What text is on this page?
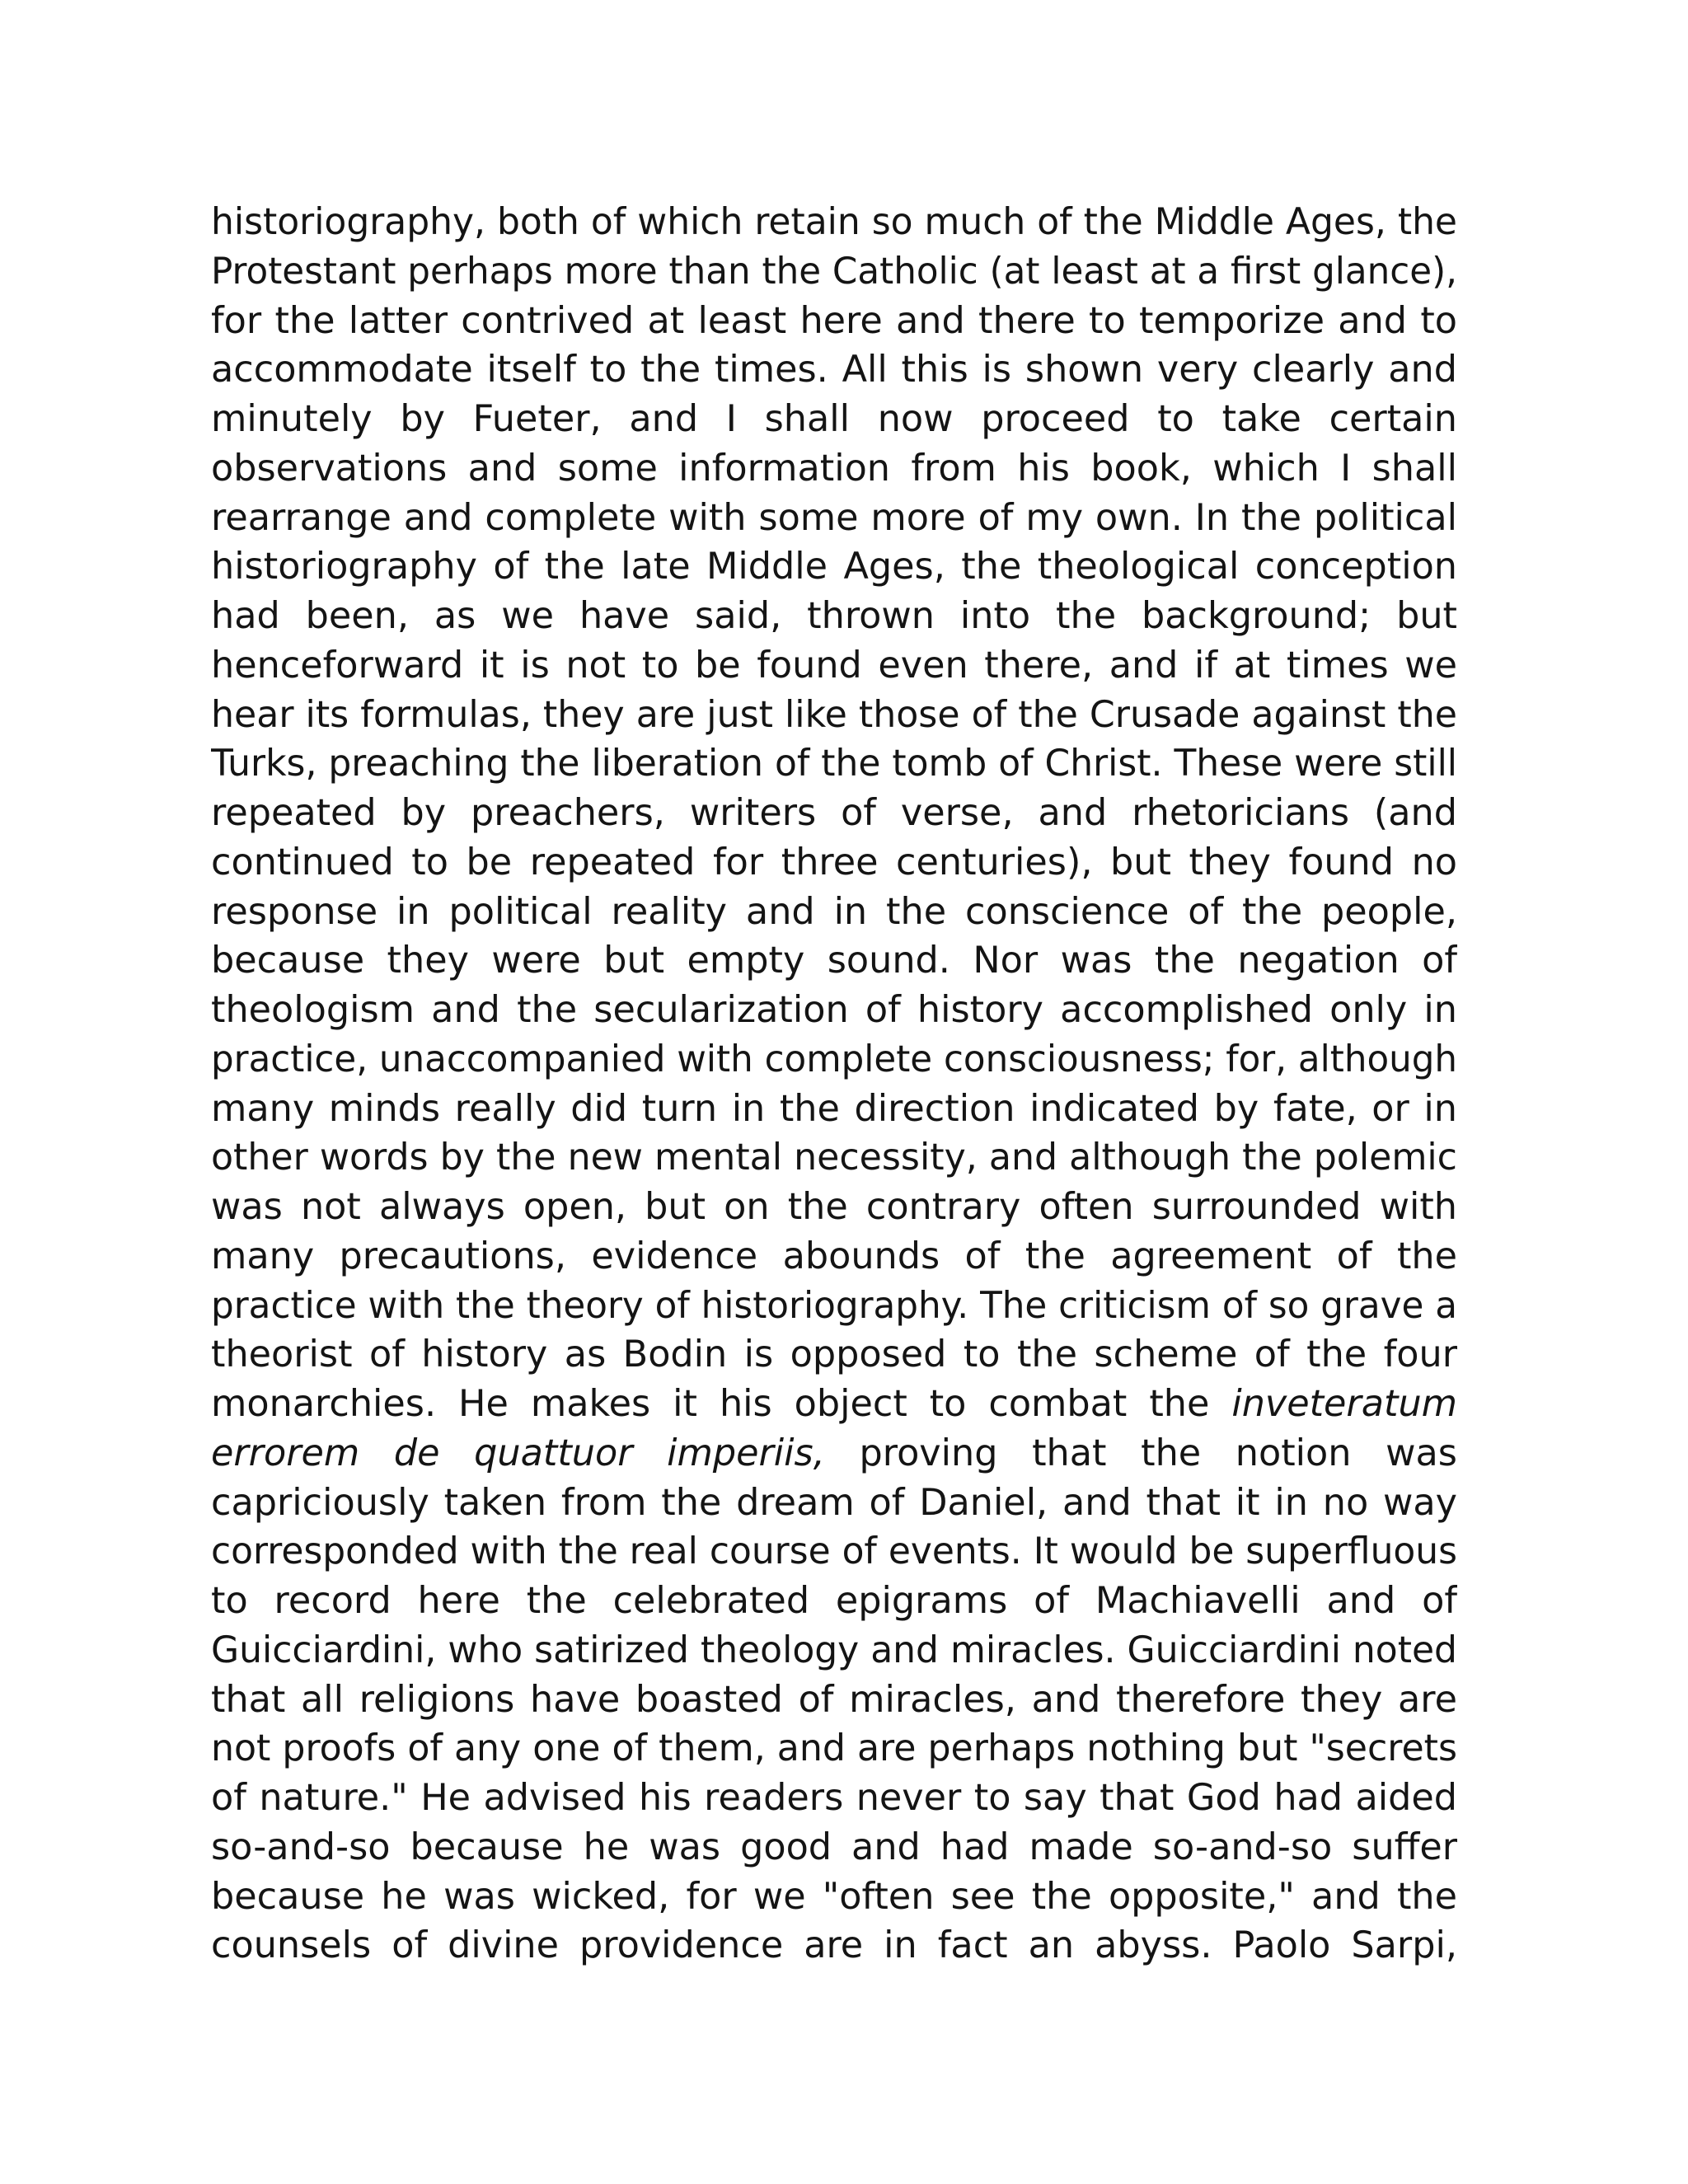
historiography, both of which retain so much of the Middle Ages, the
Protestant perhaps more than the Catholic (at least at a first glance),
for the latter contrived at least here and there to temporize and to
accommodate itself to the times. All this is shown very clearly and
minutely by Fueter, and I shall now proceed to take certain
observations and some information from his book, which I shall
rearrange and complete with some more of my own. In the political
historiography of the late Middle Ages, the theological conception
had been, as we have said, thrown into the background; but
henceforward it is not to be found even there, and if at times we
hear its formulas, they are just like those of the Crusade against the
Turks, preaching the liberation of the tomb of Christ. These were still
repeated by preachers, writers of verse, and rhetoricians (and
continued to be repeated for three centuries), but they found no
response in political reality and in the conscience of the people,
because they were but empty sound. Nor was the negation of
theologism and the secularization of history accomplished only in
practice, unaccompanied with complete consciousness; for, although
many minds really did turn in the direction indicated by fate, or in
other words by the new mental necessity, and although the polemic
was not always open, but on the contrary often surrounded with
many precautions, evidence abounds of the agreement of the
practice with the theory of historiography. The criticism of so grave a
theorist of history as Bodin is opposed to the scheme of the four
monarchies. He makes it his object to combat the inveteratum
errorem de quattuor imperiis, proving that the notion was
capriciously taken from the dream of Daniel, and that it in no way
corresponded with the real course of events. It would be superfluous
to record here the celebrated epigrams of Machiavelli and of
Guicciardini, who satirized theology and miracles. Guicciardini noted
that all religions have boasted of miracles, and therefore they are
not proofs of any one of them, and are perhaps nothing but "secrets
of nature." He advised his readers never to say that God had aided
so-and-so because he was good and had made so-and-so suffer
because he was wicked, for we "often see the opposite," and the
counsels of divine providence are in fact an abyss. Paolo Sarpi,
